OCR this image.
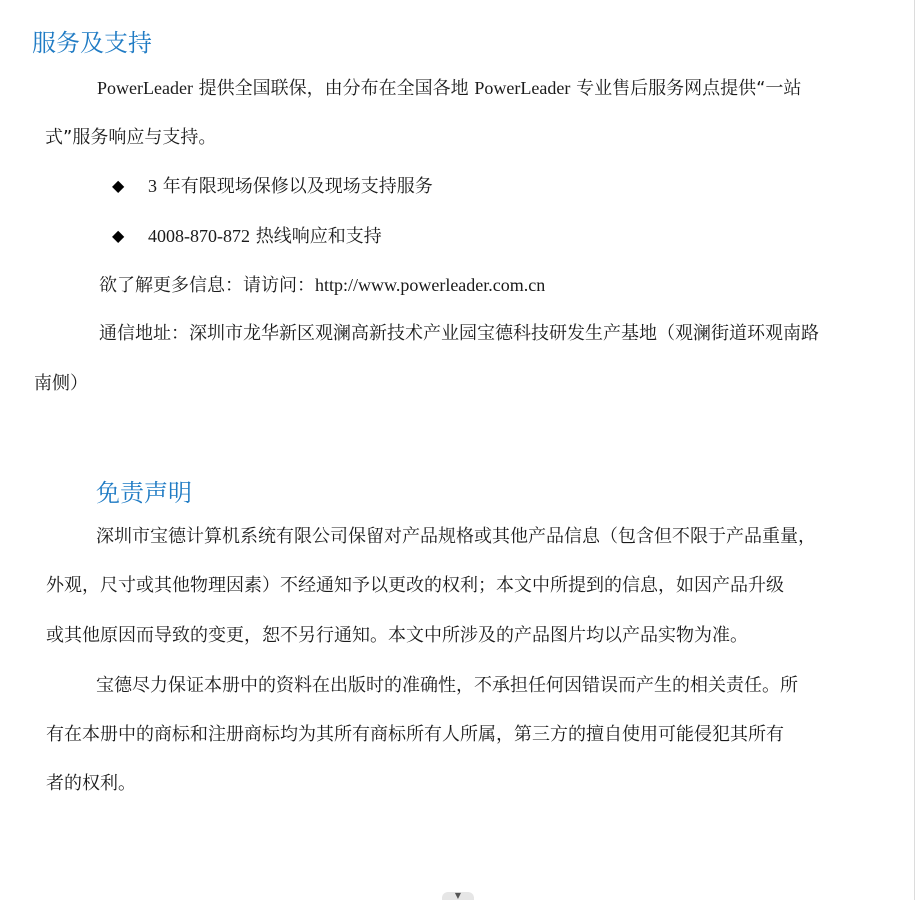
服务及支持
PowerLeader 提供全国联保，由分布在全国各地 PowerLeader 专业售后服务网点提供“一站
式”服务响应与支持。
◆ 3 年有限现场保修以及现场支持服务
◆ 4008-870-872 热线响应和支持
欲了解更多信息：请访问：http://www.powerleader.com.cn
通信地址：深圳市龙华新区观澜高新技术产业园宝德科技研发生产基地（观澜街道环观南路
南侧）
免责声明
深圳市宝德计算机系统有限公司保留对产品规格或其他产品信息（包含但不限于产品重量，
外观，尺寸或其他物理因素）不经通知予以更改的权利；本文中所提到的信息，如因产品升级
或其他原因而导致的变更，恕不另行通知。本文中所涉及的产品图片均以产品实物为准。
宝德尽力保证本册中的资料在出版时的准确性，不承担任何因错误而产生的相关责任。所
有在本册中的商标和注册商标均为其所有商标所有人所属，第三方的擅自使用可能侵犯其所有
者的权利。
▼
